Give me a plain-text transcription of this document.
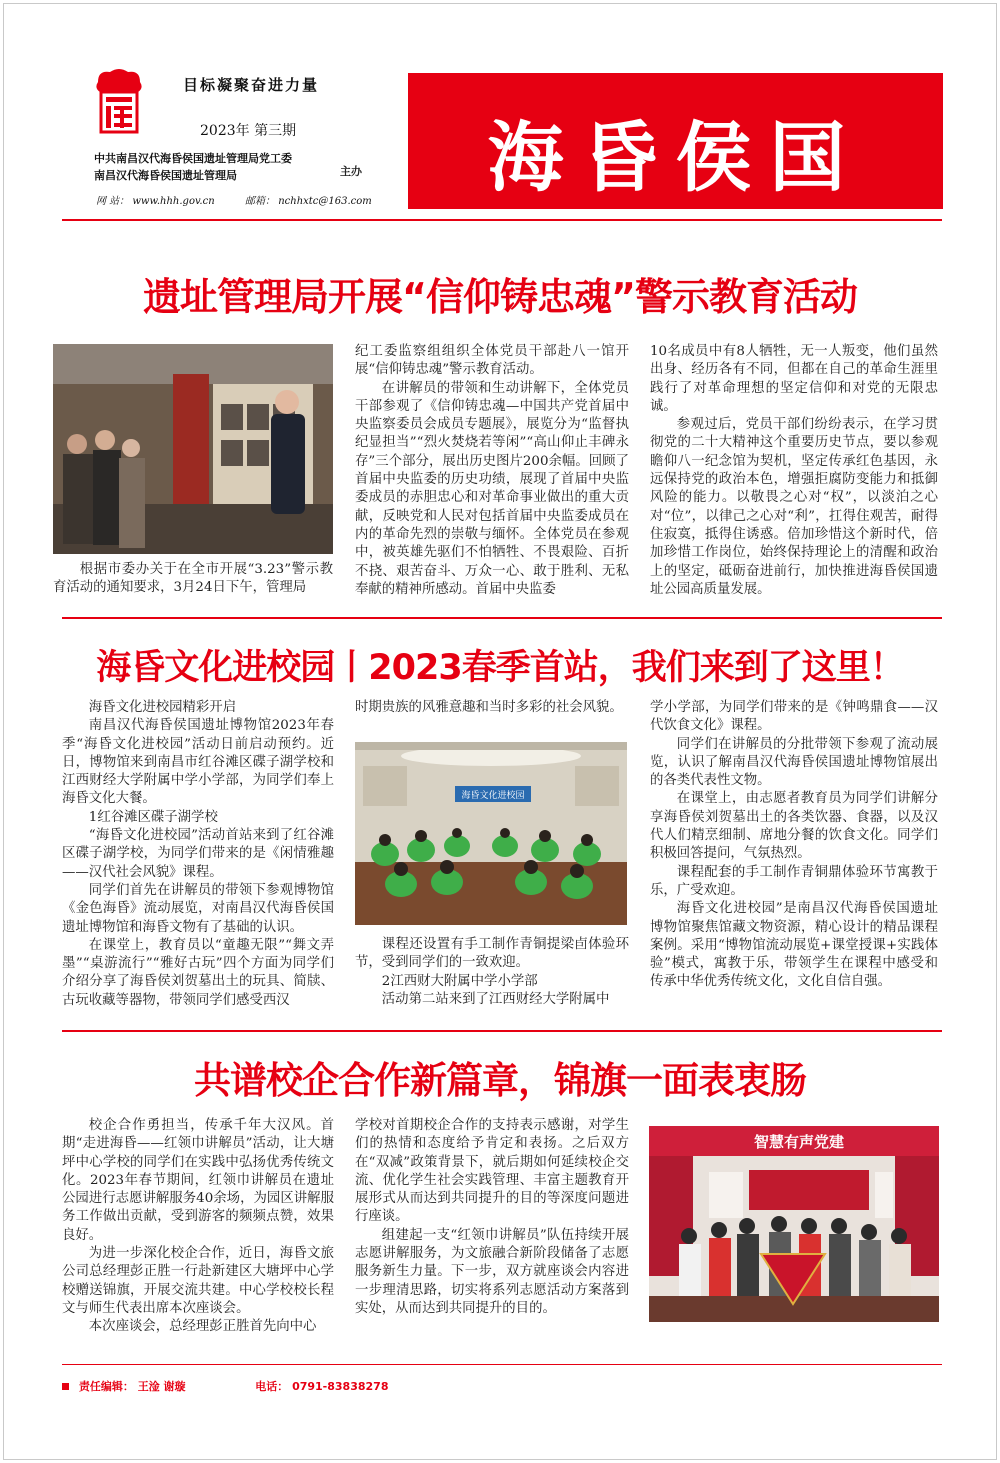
目标凝聚奋进力量
2023年 第三期
中共南昌汉代海昏侯国遗址管理局党工委
南昌汉代海昏侯国遗址管理局	主办
网 站： www.hhh.gov.cn	邮箱： nchhxtc@163.com	海昏侯国
遗址管理局开展“信仰铸忠魂”警示教育活动
根据市委办关于在全市开展“3.23”警示教育活动的通知要求，3月24日下午，管理局

纪工委监察组组织全体党员干部赴八一馆开展“信仰铸忠魂”警示教育活动。

在讲解员的带领和生动讲解下，全体党员干部参观了《信仰铸忠魂—中国共产党首届中央监察委员会成员专题展》，展览分为“监督执纪显担当”“烈火焚烧若等闲”“高山仰止丰碑永存”三个部分，展出历史图片200余幅。回顾了首届中央监委的历史功绩，展现了首届中央监委成员的赤胆忠心和对革命事业做出的重大贡献，反映党和人民对包括首届中央监委成员在内的革命先烈的崇敬与缅怀。全体党员在参观中，被英雄先驱们不怕牺牲、不畏艰险、百折不挠、艰苦奋斗、万众一心、敢于胜利、无私奉献的精神所感动。首届中央监委

10名成员中有8人牺牲，无一人叛变，他们虽然出身、经历各有不同，但都在自己的革命生涯里践行了对革命理想的坚定信仰和对党的无限忠诚。

参观过后，党员干部们纷纷表示，在学习贯彻党的二十大精神这个重要历史节点，要以参观瞻仰八一纪念馆为契机，坚定传承红色基因，永远保持党的政治本色，增强拒腐防变能力和抵御风险的能力。以敬畏之心对“权”，以淡泊之心对“位”，以律己之心对“利”，扛得住观苦，耐得住寂寞，抵得住诱惑。倍加珍惜这个新时代，倍加珍惜工作岗位，始终保持理论上的清醒和政治上的坚定，砥砺奋进前行，加快推进海昏侯国遗址公园高质量发展。

海昏文化进校园丨2023春季首站，我们来到了这里！

海昏文化进校园精彩开启

南昌汉代海昏侯国遗址博物馆2023年春季“海昏文化进校园”活动日前启动预约。近日，博物馆来到南昌市红谷滩区碟子湖学校和江西财经大学附属中学小学部，为同学们奉上海昏文化大餐。

1红谷滩区碟子湖学校

“海昏文化进校园”活动首站来到了红谷滩区碟子湖学校，为同学们带来的是《闲情雅趣——汉代社会风貌》课程。

同学们首先在讲解员的带领下参观博物馆《金色海昏》流动展览，对南昌汉代海昏侯国遗址博物馆和海昏文物有了基础的认识。

在课堂上，教育员以“童趣无限”“舞文弄墨”“桌游流行”“雅好古玩”四个方面为同学们介绍分享了海昏侯刘贺墓出土的玩具、简牍、古玩收藏等器物，带领同学们感受西汉

时期贵族的风雅意趣和当时多彩的社会风貌。

海昏文化进校园

课程还设置有手工制作青铜提梁卣体验环节，受到同学们的一致欢迎。

2江西财大附属中学小学部

活动第二站来到了江西财经大学附属中

学小学部，为同学们带来的是《钟鸣鼎食——汉代饮食文化》课程。

同学们在讲解员的分批带领下参观了流动展览，认识了解南昌汉代海昏侯国遗址博物馆展出的各类代表性文物。

在课堂上，由志愿者教育员为同学们讲解分享海昏侯刘贺墓出土的各类饮器、食器，以及汉代人们精烹细制、席地分餐的饮食文化。同学们积极回答提问，气氛热烈。

课程配套的手工制作青铜鼎体验环节寓教于乐，广受欢迎。

海昏文化进校园”是南昌汉代海昏侯国遗址博物馆聚焦馆藏文物资源，精心设计的精品课程案例。采用“博物馆流动展览+课堂授课+实践体验”模式，寓教于乐，带领学生在课程中感受和传承中华优秀传统文化，文化自信自强。

共谱校企合作新篇章，锦旗一面表衷肠

校企合作勇担当，传承千年大汉风。首期“走进海昏——红领巾讲解员”活动，让大塘坪中心学校的同学们在实践中弘扬优秀传统文化。2023年春节期间，红领巾讲解员在遗址公园进行志愿讲解服务40余场，为园区讲解服务工作做出贡献，受到游客的频频点赞，效果良好。

为进一步深化校企合作，近日，海昏文旅公司总经理彭正胜一行赴新建区大塘坪中心学校赠送锦旗，开展交流共建。中心学校校长程文与师生代表出席本次座谈会。

本次座谈会，总经理彭正胜首先向中心

学校对首期校企合作的支持表示感谢，对学生们的热情和态度给予肯定和表扬。之后双方在“双减”政策背景下，就后期如何延续校企交流、优化学生社会实践管理、丰富主题教育开展形式从而达到共同提升的目的等深度问题进行座谈。

组建起一支“红领巾讲解员”队伍持续开展志愿讲解服务，为文旅融合新阶段储备了志愿服务新生力量。下一步，双方就座谈会内容进一步理清思路，切实将系列志愿活动方案落到实处，从而达到共同提升的目的。

智慧有声党建
责任编辑： 王淦 谢璇	电话： 0791-83838278
